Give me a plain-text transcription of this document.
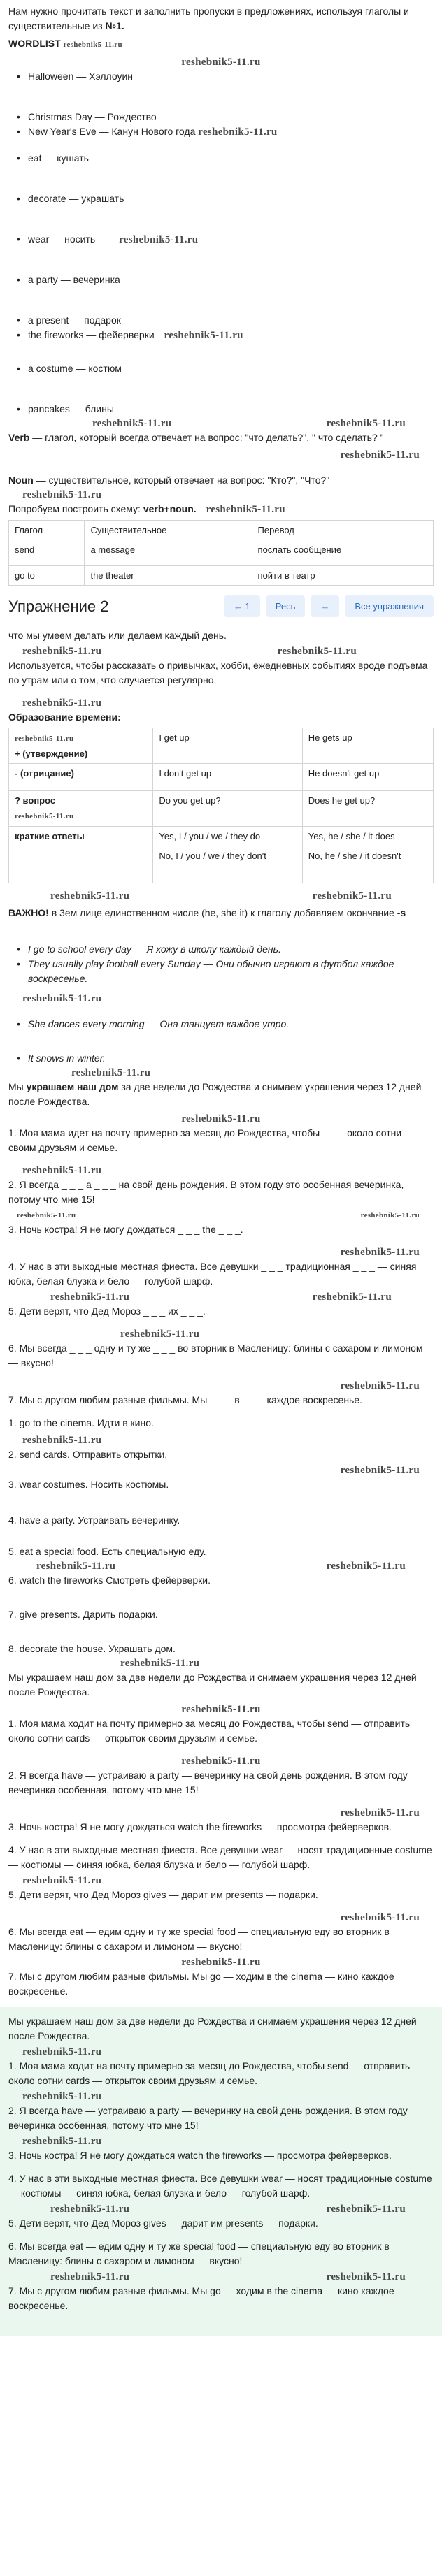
Нам нужно прочитать текст и заполнить пропуски в предложениях, используя глаголы и существительные из №1.

WORDLIST reshebnik5-11.ru
reshebnik5-11.ru
• Halloween — Хэллоуин
• Christmas Day — Рождество
• New Year's Eve — Канун Нового года reshebnik5-11.ru
• eat — кушать
• decorate — украшать
• wear — носить reshebnik5-11.ru
• a party — вечеринка
• a present — подарок
• the fireworks — фейерверки reshebnik5-11.ru
• a costume — костюм
• pancakes — блины
reshebnik5-11.ru	reshebnik5-11.ru

Verb — глагол, который всегда отвечает на вопрос: "что делать?", " что сделать? "

reshebnik5-11.ru

Noun — существительное, который отвечает на вопрос: "Кто?", "Что?"

reshebnik5-11.ru

Попробуем построить схему: verb+noun. reshebnik5-11.ru

Глагол	Существительное	Перевод
send	a message	послать сообщение
go to	the theater	пойти в театр
Упражнение 2	← 1	Ресь	→	Все упражнения

что мы умеем делать или делаем каждый день.

reshebnik5-11.ru	reshebnik5-11.ru

Используется, чтобы рассказать о привычках, хобби, ежедневных событиях вроде подъема по утрам или о том, что случается регулярно.

reshebnik5-11.ru

Образование времени:

reshebnik5-11.ru
+ (утверждение)	I get up	He gets up
- (отрицание)	I don't get up	He doesn't get up
? вопрос
reshebnik5-11.ru	Do you get up?	Does he get up?
краткие ответы	Yes, I / you / we / they do	Yes, he / she / it does
	No, I / you / we / they don't	No, he / she / it doesn't
reshebnik5-11.ru	reshebnik5-11.ru

ВАЖНО! в 3ем лице единственном числе (he, she it) к глаголу добавляем окончание -s

• I go to school every day — Я хожу в школу каждый день.
• They usually play football every Sunday — Они обычно играют в футбол каждое воскресенье.
reshebnik5-11.ru
• She dances every morning — Она танцует каждое утро.
• It snows in winter.
reshebnik5-11.ru

Мы украшаем наш дом за две недели до Рождества и снимаем украшения через 12 дней после Рождества.

reshebnik5-11.ru

1. Моя мама идет на почту примерно за месяц до Рождества, чтобы _ _ _ около сотни _ _ _ своим друзьям и семье.

reshebnik5-11.ru

2. Я всегда _ _ _ а _ _ _ на свой день рождения. В этом году это особенная вечеринка, потому что мне 15!

reshebnik5-11.ru	reshebnik5-11.ru

3. Ночь костра! Я не могу дождаться _ _ _ the _ _ _.

reshebnik5-11.ru

4. У нас в эти выходные местная фиеста. Все девушки _ _ _ традиционная _ _ _ — синяя юбка, белая блузка и бело — голубой шарф.

reshebnik5-11.ru	reshebnik5-11.ru

5. Дети верят, что Дед Мороз _ _ _ их _ _ _.

reshebnik5-11.ru

6. Мы всегда _ _ _ одну и ту же _ _ _ во вторник в Масленицу: блины с сахаром и лимоном — вкусно!

reshebnik5-11.ru

7. Мы с другом любим разные фильмы. Мы _ _ _ в _ _ _ каждое воскресенье.

1. go to the cinema. Идти в кино.

reshebnik5-11.ru

2. send cards. Отправить открытки.

reshebnik5-11.ru

3. wear costumes. Носить костюмы.

4. have a party. Устраивать вечеринку.

5. eat a special food. Есть специальную еду.

reshebnik5-11.ru	reshebnik5-11.ru

6. watch the fireworks Смотреть фейерверки.

7. give presents. Дарить подарки.

8. decorate the house. Украшать дом.

reshebnik5-11.ru

Мы украшаем наш дом за две недели до Рождества и снимаем украшения через 12 дней после Рождества.

reshebnik5-11.ru

1. Моя мама ходит на почту примерно за месяц до Рождества, чтобы send — отправить около сотни cards — открыток своим друзьям и семье.

reshebnik5-11.ru

2. Я всегда have — устраиваю a party — вечеринку на свой день рождения. В этом году вечеринка особенная, потому что мне 15!

reshebnik5-11.ru

3. Ночь костра! Я не могу дождаться watch the fireworks — просмотра фейерверков.

4. У нас в эти выходные местная фиеста. Все девушки wear — носят традиционные costume — костюмы — синяя юбка, белая блузка и бело — голубой шарф.

reshebnik5-11.ru

5. Дети верят, что Дед Мороз gives — дарит им presents — подарки.

reshebnik5-11.ru

6. Мы всегда eat — едим одну и ту же special food — специальную еду во вторник в Масленицу: блины с сахаром и лимоном — вкусно!

reshebnik5-11.ru

7. Мы с другом любим разные фильмы. Мы go — ходим в the cinema — кино каждое воскресенье.

Мы украшаем наш дом за две недели до Рождества и снимаем украшения через 12 дней после Рождества.

reshebnik5-11.ru

1. Моя мама ходит на почту примерно за месяц до Рождества, чтобы send — отправить около сотни cards — открыток своим друзьям и семье.

reshebnik5-11.ru

2. Я всегда have — устраиваю a party — вечеринку на свой день рождения. В этом году вечеринка особенная, потому что мне 15!

reshebnik5-11.ru

3. Ночь костра! Я не могу дождаться watch the fireworks — просмотра фейерверков.

4. У нас в эти выходные местная фиеста. Все девушки wear — носят традиционные costume — костюмы — синяя юбка, белая блузка и бело — голубой шарф.

reshebnik5-11.ru	reshebnik5-11.ru

5. Дети верят, что Дед Мороз gives — дарит им presents — подарки.

6. Мы всегда eat — едим одну и ту же special food — специальную еду во вторник в Масленицу: блины с сахаром и лимоном — вкусно!

reshebnik5-11.ru	reshebnik5-11.ru

7. Мы с другом любим разные фильмы. Мы go — ходим в the cinema — кино каждое воскресенье.
